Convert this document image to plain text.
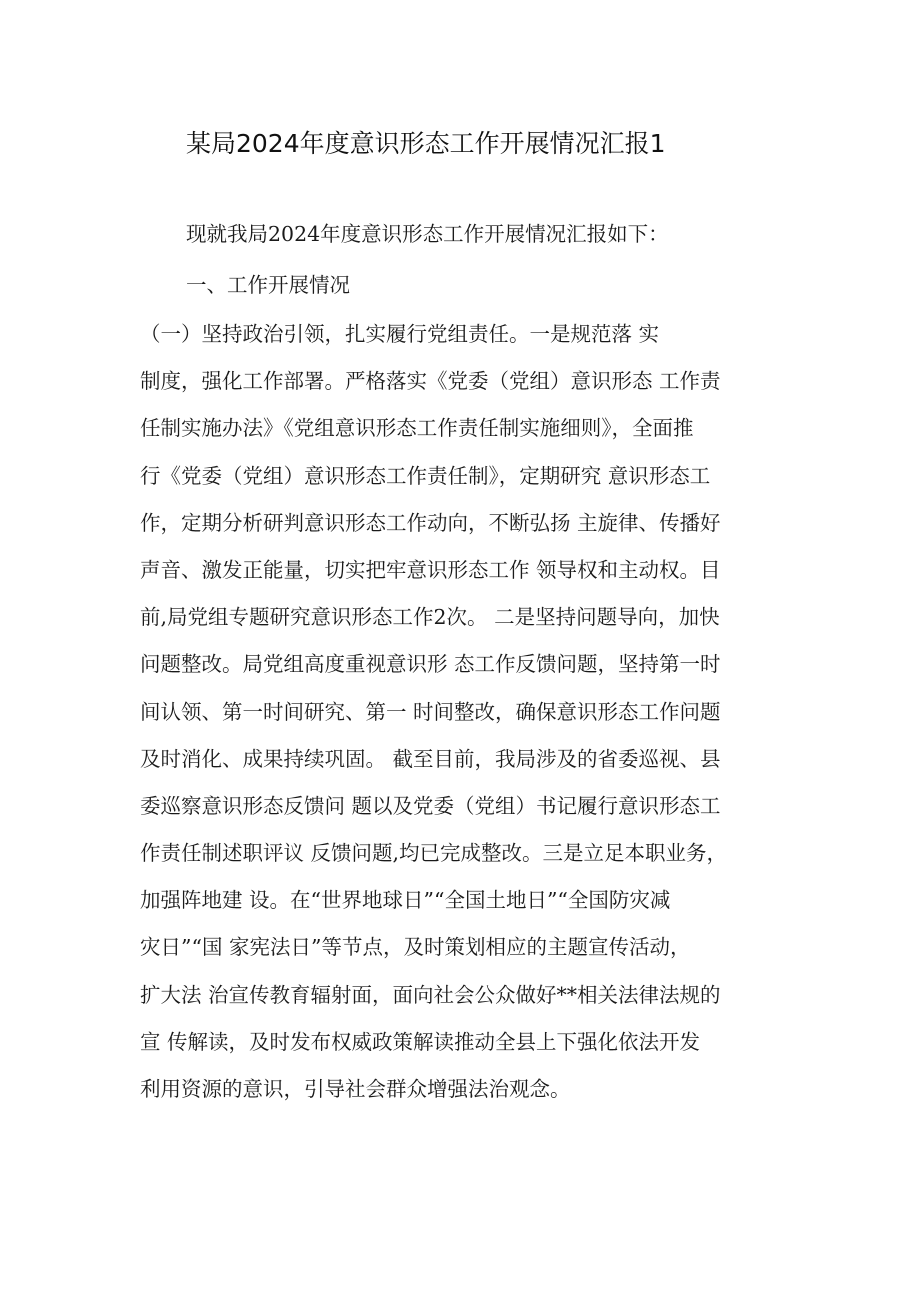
某局2024年度意识形态工作开展情况汇报1
现就我局2024年度意识形态工作开展情况汇报如下：
一、工作开展情况
（一）坚持政治引领，扎实履行党组责任。一是规范落 实
制度，强化工作部署。严格落实《党委（党组）意识形态 工作责
任制实施办法》《党组意识形态工作责任制实施细则》，全面推
行《党委（党组）意识形态工作责任制》，定期研究 意识形态工
作，定期分析研判意识形态工作动向，不断弘扬 主旋律、传播好
声音、激发正能量，切实把牢意识形态工作 领导权和主动权。目
前,局党组专题研究意识形态工作2次。 二是坚持问题导向，加快
问题整改。局党组高度重视意识形 态工作反馈问题，坚持第一时
间认领、第一时间研究、第一 时间整改，确保意识形态工作问题
及时消化、成果持续巩固。 截至目前，我局涉及的省委巡视、县
委巡察意识形态反馈问 题以及党委（党组）书记履行意识形态工
作责任制述职评议 反馈问题,均已完成整改。三是立足本职业务，
加强阵地建 设。在“世界地球日”“全国土地日”“全国防灾减
灾日”“国 家宪法日”等节点，及时策划相应的主题宣传活动，
扩大法 治宣传教育辐射面，面向社会公众做好**相关法律法规的
宣 传解读，及时发布权威政策解读推动全县上下强化依法开发
利用资源的意识，引导社会群众增强法治观念。
